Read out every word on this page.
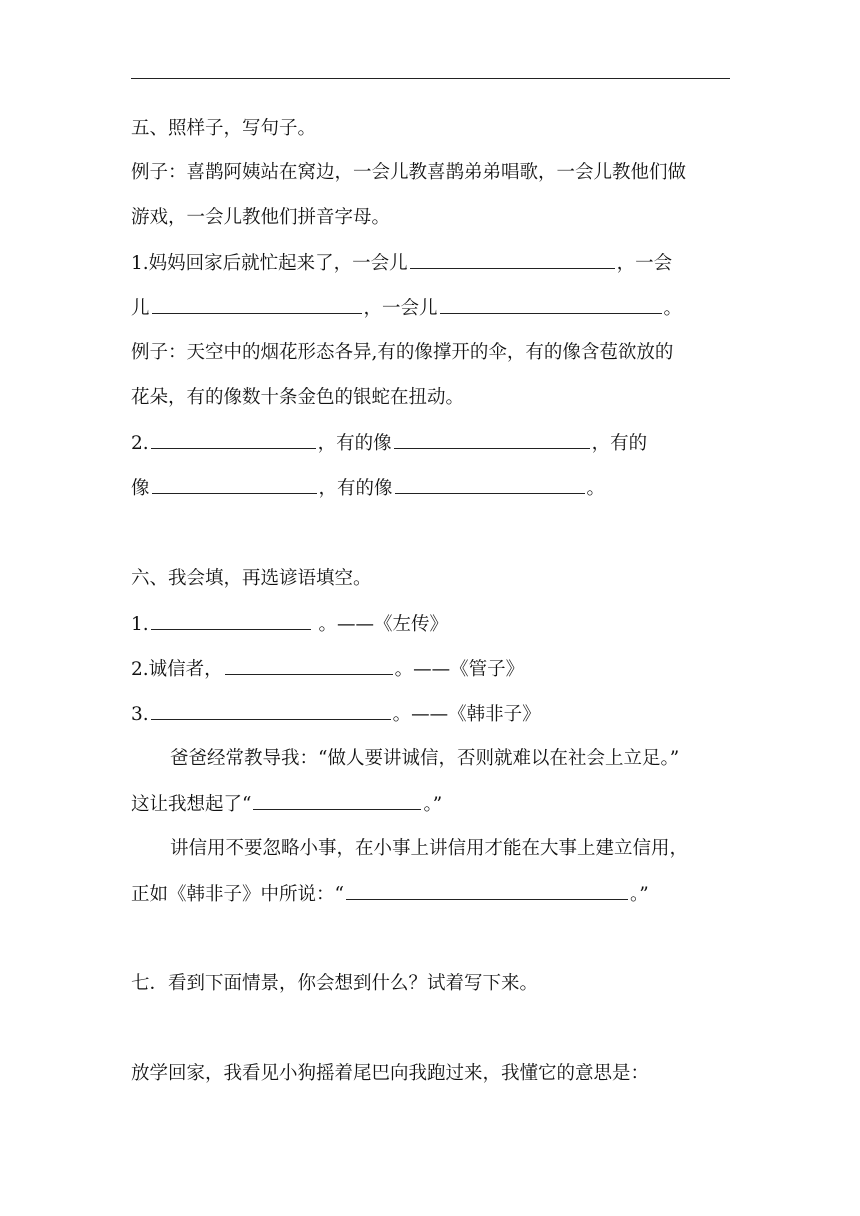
五、照样子，写句子。
例子：喜鹊阿姨站在窝边，一会儿教喜鹊弟弟唱歌，一会儿教他们做
游戏，一会儿教他们拼音字母。
1.妈妈回家后就忙起来了，一会儿	，一会
儿	，一会儿	。
例子：天空中的烟花形态各异,有的像撑开的伞，有的像含苞欲放的
花朵，有的像数十条金色的银蛇在扭动。
2.	，有的像	，有的
像	，有的像	。
六、我会填，再选谚语填空。
1.	。——《左传》
2.诚信者，	。——《管子》
3.	。——《韩非子》
爸爸经常教导我：“做人要讲诚信，否则就难以在社会上立足。”
这让我想起了“	。”
讲信用不要忽略小事，在小事上讲信用才能在大事上建立信用，
正如《韩非子》中所说：“	。”
七．看到下面情景，你会想到什么？试着写下来。
放学回家，我看见小狗摇着尾巴向我跑过来，我懂它的意思是：
